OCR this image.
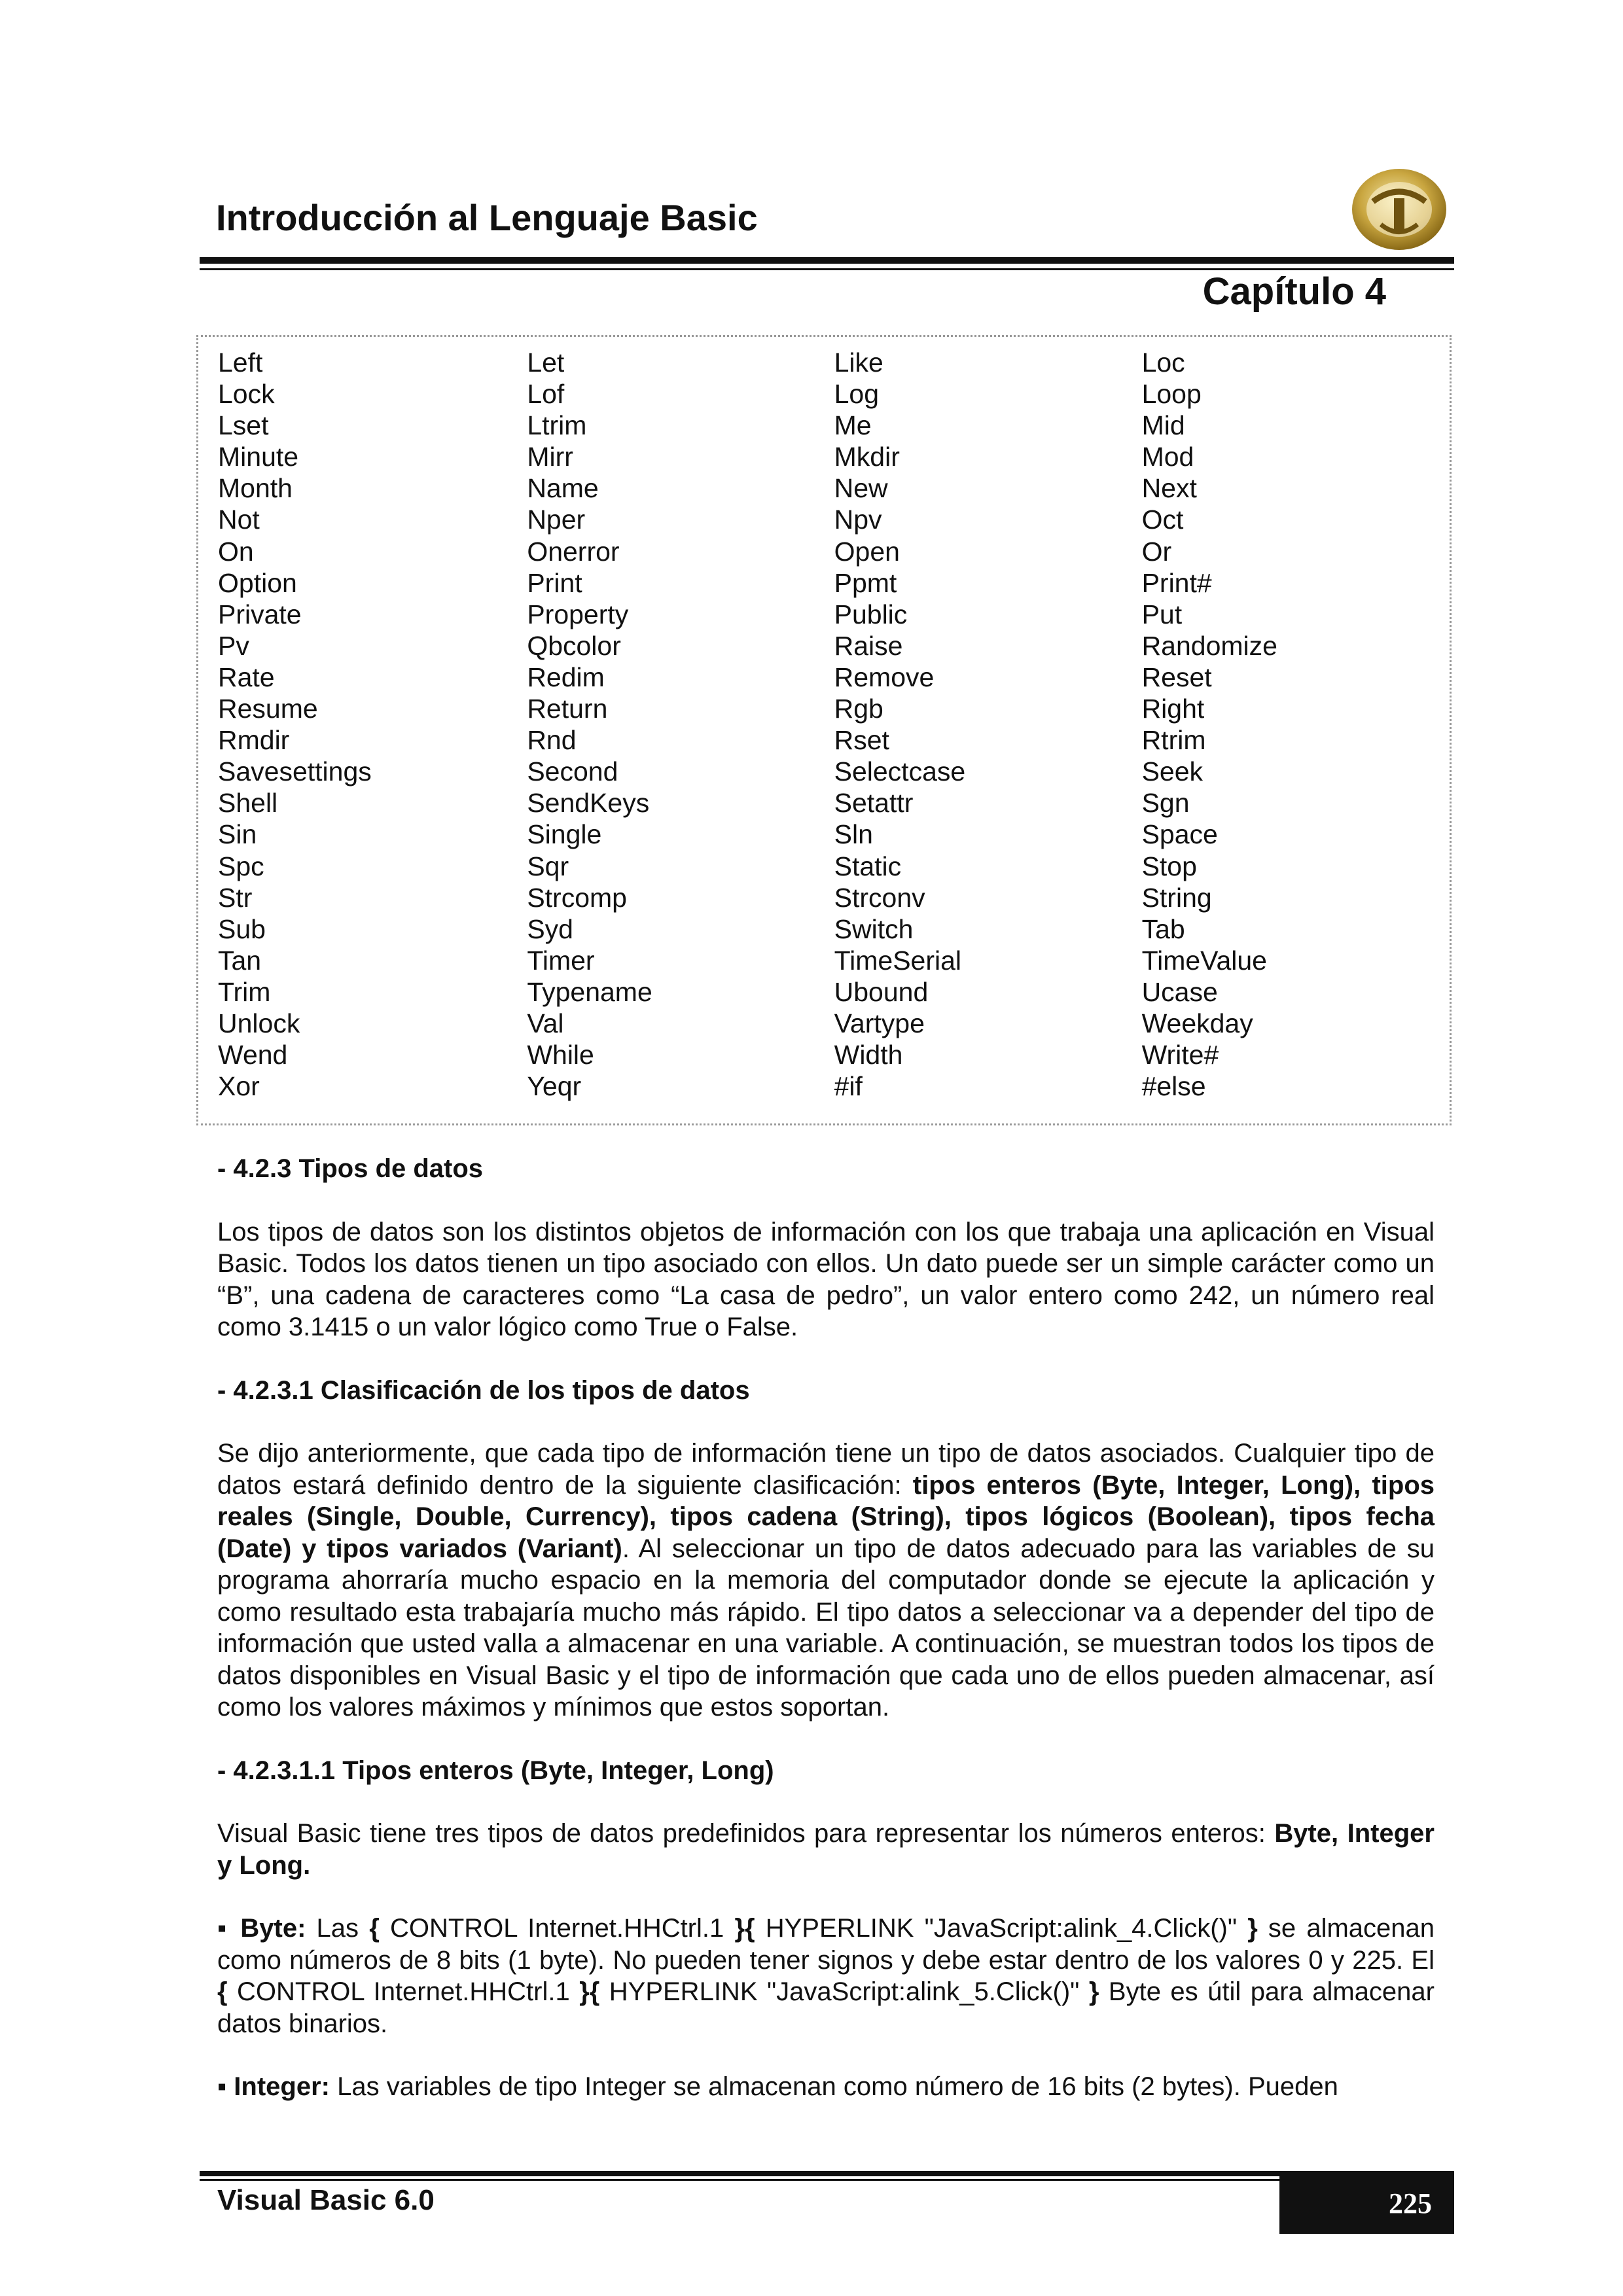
Introducción al Lenguaje Basic
Capítulo 4
Left	Let	Like	Loc
Lock	Lof	Log	Loop
Lset	Ltrim	Me	Mid
Minute	Mirr	Mkdir	Mod
Month	Name	New	Next
Not	Nper	Npv	Oct
On	Onerror	Open	Or
Option	Print	Ppmt	Print#
Private	Property	Public	Put
Pv	Qbcolor	Raise	Randomize
Rate	Redim	Remove	Reset
Resume	Return	Rgb	Right
Rmdir	Rnd	Rset	Rtrim
Savesettings	Second	Selectcase	Seek
Shell	SendKeys	Setattr	Sgn
Sin	Single	Sln	Space
Spc	Sqr	Static	Stop
Str	Strcomp	Strconv	String
Sub	Syd	Switch	Tab
Tan	Timer	TimeSerial	TimeValue
Trim	Typename	Ubound	Ucase
Unlock	Val	Vartype	Weekday
Wend	While	Width	Write#
Xor	Yeqr	#if	#else
- 4.2.3 Tipos de datos

Los tipos de datos son los distintos objetos de información con los que trabaja una aplicación en Visual Basic. Todos los datos tienen un tipo asociado con ellos. Un dato puede ser un simple carácter como un “B”, una cadena de caracteres como “La casa de pedro”, un valor entero como 242, un número real como 3.1415 o un valor lógico como True o False.

- 4.2.3.1 Clasificación de los tipos de datos

Se dijo anteriormente, que cada tipo de información tiene un tipo de datos asociados. Cualquier tipo de datos estará definido dentro de la siguiente clasificación: tipos enteros (Byte, Integer, Long), tipos reales (Single, Double, Currency), tipos cadena (String), tipos lógicos (Boolean), tipos fecha (Date) y tipos variados (Variant). Al seleccionar un tipo de datos adecuado para las variables de su programa ahorraría mucho espacio en la memoria del computador donde se ejecute la aplicación y como resultado esta trabajaría mucho más rápido. El tipo datos a seleccionar va a depender del tipo de información que usted valla a almacenar en una variable. A continuación, se muestran todos los tipos de datos disponibles en Visual Basic y el tipo de información que cada uno de ellos pueden almacenar, así como los valores máximos y mínimos que estos soportan.

- 4.2.3.1.1 Tipos enteros (Byte, Integer, Long)

Visual Basic tiene tres tipos de datos predefinidos para representar los números enteros: Byte, Integer y Long.

▪ Byte: Las { CONTROL Internet.HHCtrl.1 }{ HYPERLINK "JavaScript:alink_4.Click()" } se almacenan como números de 8 bits (1 byte). No pueden tener signos y debe estar dentro de los valores 0 y 225. El { CONTROL Internet.HHCtrl.1 }{ HYPERLINK "JavaScript:alink_5.Click()" } Byte es útil para almacenar datos binarios.

▪ Integer: Las variables de tipo Integer se almacenan como número de 16 bits (2 bytes). Pueden

Visual Basic 6.0	225
